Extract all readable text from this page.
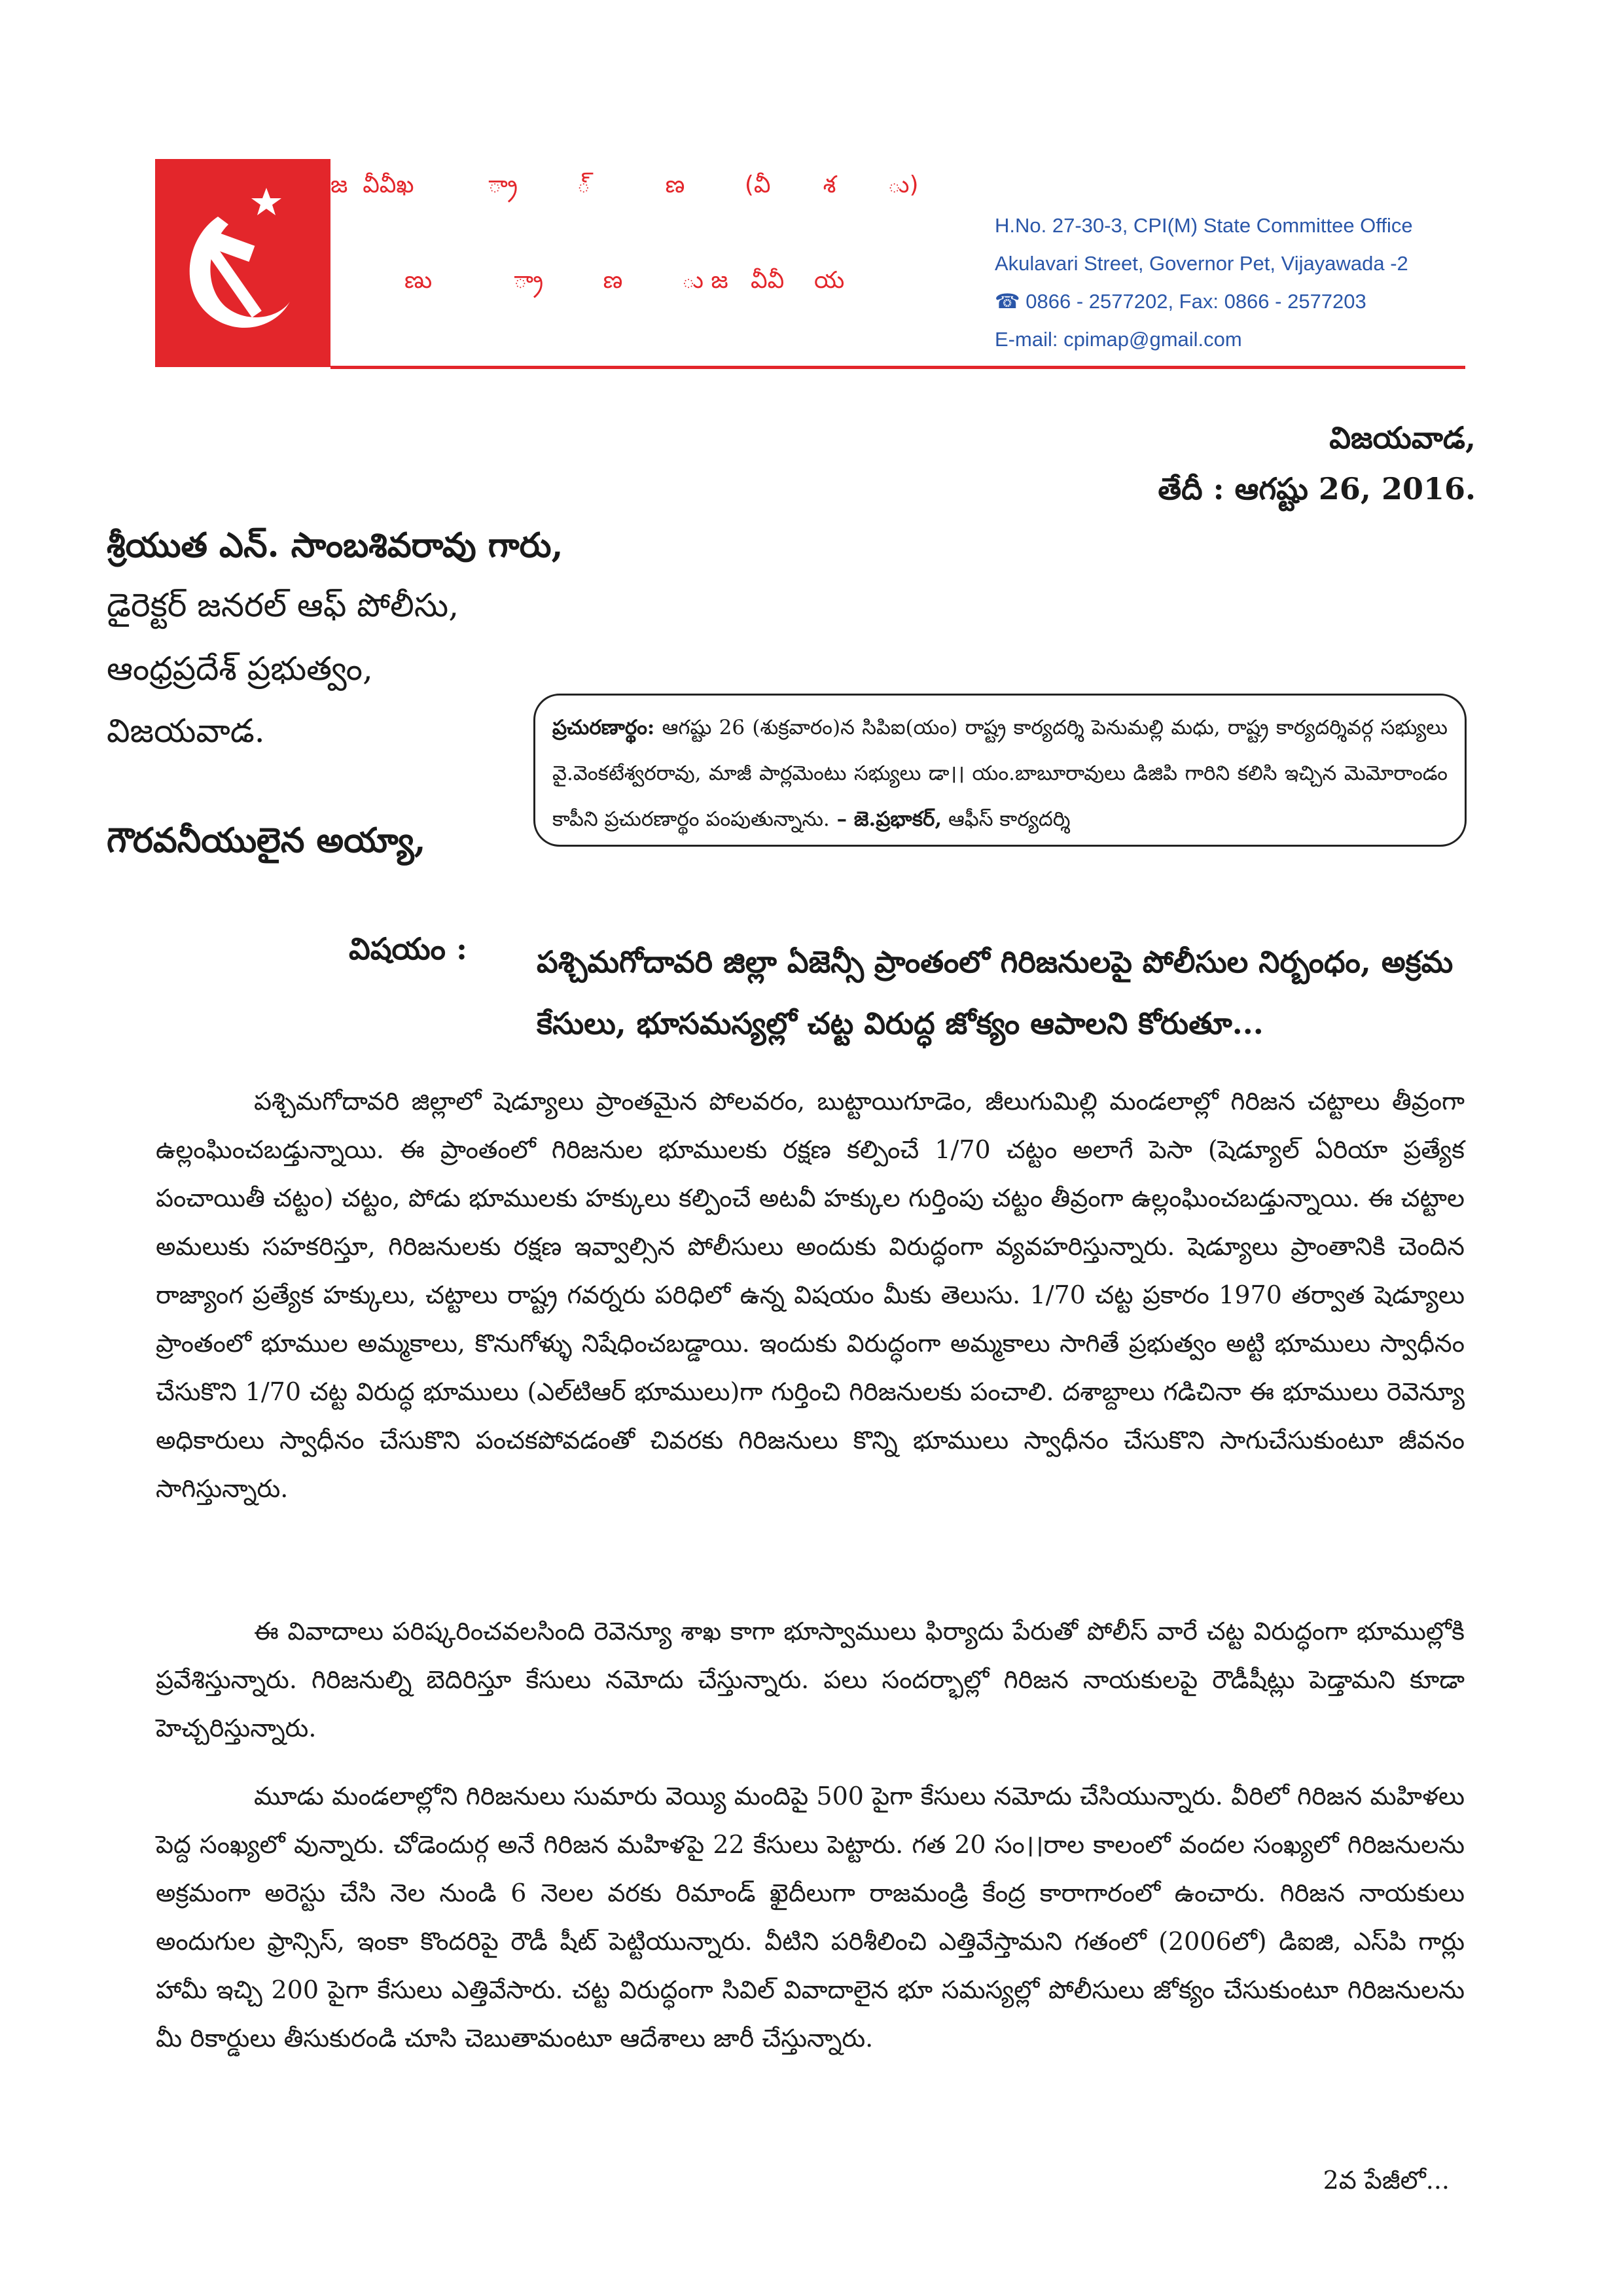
జ  వీవీఖ          ్రా        ్          ణ        (వీ       శ       ు)
ణు           ్రా        ణ        ు జ   వీవీ    య
H.No. 27-30-3, CPI(M) State Committee Office
Akulavari Street, Governor Pet, Vijayawada -2
☎ 0866 - 2577202, Fax: 0866 - 2577203
E-mail: cpimap@gmail.com
విజయవాడ,
తేదీ : ఆగష్టు 26, 2016.
శ్రీయుత ఎన్. సాంబశివరావు గారు,
డైరెక్టర్ జనరల్ ఆఫ్ పోలీసు,
ఆంధ్రప్రదేశ్ ప్రభుత్వం,
విజయవాడ.	ప్రచురణార్థం: ఆగష్టు 26 (శుక్రవారం)న సిపిఐ(యం) రాష్ట్ర కార్యదర్శి పెనుమల్లి మధు, రాష్ట్ర కార్యదర్శివర్గ సభ్యులు వై.వెంకటేశ్వరరావు, మాజీ పార్లమెంటు సభ్యులు డా।। యం.బాబూరావులు డిజిపి గారిని కలిసి ఇచ్చిన మెమోరాండం కాపీని ప్రచురణార్థం పంపుతున్నాను. – జె.ప్రభాకర్, ఆఫీస్ కార్యదర్శి
గౌరవనీయులైన అయ్యా,
విషయం : పశ్చిమగోదావరి జిల్లా ఏజెన్సీ ప్రాంతంలో గిరిజనులపై పోలీసుల నిర్బంధం, అక్రమ కేసులు, భూసమస్యల్లో చట్ట విరుద్ధ జోక్యం ఆపాలని కోరుతూ...
పశ్చిమగోదావరి జిల్లాలో షెడ్యూలు ప్రాంతమైన పోలవరం, బుట్టాయిగూడెం, జీలుగుమిల్లి మండలాల్లో గిరిజన చట్టాలు తీవ్రంగా ఉల్లంఘించబడ్తున్నాయి. ఈ ప్రాంతంలో గిరిజనుల భూములకు రక్షణ కల్పించే 1/70 చట్టం అలాగే పెసా (షెడ్యూల్ ఏరియా ప్రత్యేక పంచాయితీ చట్టం) చట్టం, పోడు భూములకు హక్కులు కల్పించే అటవీ హక్కుల గుర్తింపు చట్టం తీవ్రంగా ఉల్లంఘించబడ్తున్నాయి. ఈ చట్టాల అమలుకు సహకరిస్తూ, గిరిజనులకు రక్షణ ఇవ్వాల్సిన పోలీసులు అందుకు విరుద్ధంగా వ్యవహరిస్తున్నారు. షెడ్యూలు ప్రాంతానికి చెందిన రాజ్యాంగ ప్రత్యేక హక్కులు, చట్టాలు రాష్ట్ర గవర్నరు పరిధిలో ఉన్న విషయం మీకు తెలుసు. 1/70 చట్ట ప్రకారం 1970 తర్వాత షెడ్యూలు ప్రాంతంలో భూముల అమ్మకాలు, కొనుగోళ్ళు నిషేధించబడ్డాయి. ఇందుకు విరుద్ధంగా అమ్మకాలు సాగితే ప్రభుత్వం అట్టి భూములు స్వాధీనం చేసుకొని 1/70 చట్ట విరుద్ధ భూములు (ఎల్‌టిఆర్ భూములు)గా గుర్తించి గిరిజనులకు పంచాలి. దశాబ్దాలు గడిచినా ఈ భూములు రెవెన్యూ అధికారులు స్వాధీనం చేసుకొని పంచకపోవడంతో చివరకు గిరిజనులు కొన్ని భూములు స్వాధీనం చేసుకొని సాగుచేసుకుంటూ జీవనం సాగిస్తున్నారు.
ఈ వివాదాలు పరిష్కరించవలసింది రెవెన్యూ శాఖ కాగా భూస్వాములు ఫిర్యాదు పేరుతో పోలీస్ వారే చట్ట విరుద్ధంగా భూముల్లోకి ప్రవేశిస్తున్నారు. గిరిజనుల్ని బెదిరిస్తూ కేసులు నమోదు చేస్తున్నారు. పలు సందర్భాల్లో గిరిజన నాయకులపై రౌడీషీట్లు పెడ్తామని కూడా హెచ్చరిస్తున్నారు.
మూడు మండలాల్లోని గిరిజనులు సుమారు వెయ్యి మందిపై 500 పైగా కేసులు నమోదు చేసియున్నారు. వీరిలో గిరిజన మహిళలు పెద్ద సంఖ్యలో వున్నారు. చోడెందుర్గ అనే గిరిజన మహిళపై 22 కేసులు పెట్టారు. గత 20 సం।।రాల కాలంలో వందల సంఖ్యలో గిరిజనులను అక్రమంగా అరెస్టు చేసి నెల నుండి 6 నెలల వరకు రిమాండ్ ఖైదీలుగా రాజమండ్రి కేంద్ర కారాగారంలో ఉంచారు. గిరిజన నాయకులు అందుగుల ఫ్రాన్సిస్, ఇంకా కొందరిపై రౌడీ షీట్ పెట్టియున్నారు. వీటిని పరిశీలించి ఎత్తివేస్తామని గతంలో (2006లో) డిఐజి, ఎస్‌పి గార్లు హామీ ఇచ్చి 200 పైగా కేసులు ఎత్తివేసారు. చట్ట విరుద్ధంగా సివిల్ వివాదాలైన భూ సమస్యల్లో పోలీసులు జోక్యం చేసుకుంటూ గిరిజనులను మీ రికార్డులు తీసుకురండి చూసి చెబుతామంటూ ఆదేశాలు జారీ చేస్తున్నారు.
2వ పేజీలో...
